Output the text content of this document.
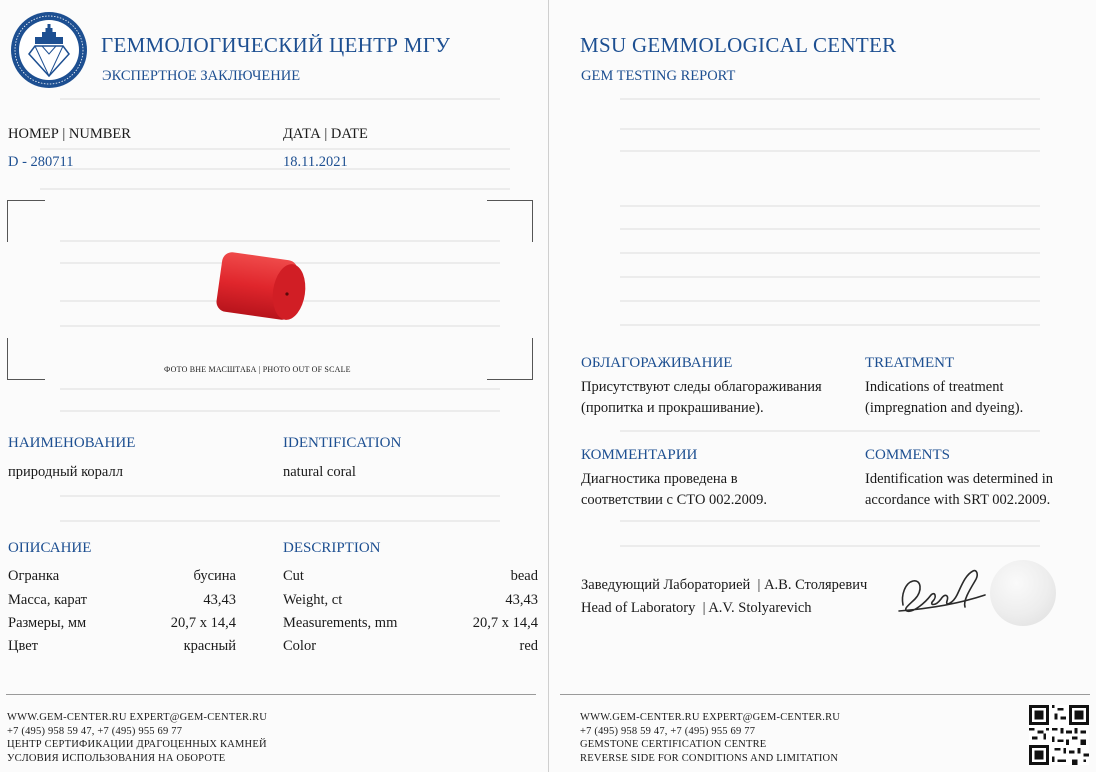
ГЕММОЛОГИЧЕСКИЙ ЦЕНТР МГУ
ЭКСПЕРТНОЕ ЗАКЛЮЧЕНИЕ
НОМЕР | NUMBER
D - 280711
ДАТА | DATE
18.11.2021
ФОТО ВНЕ МАСШТАБА | PHOTO OUT OF SCALE
НАИМЕНОВАНИЕ
природный коралл
IDENTIFICATION
natural coral
ОПИСАНИЕ	DESCRIPTION
Огранка	бусина
Масса, карат	43,43
Размеры, мм	20,7 x 14,4
Цвет	красный
Cut	bead
Weight, ct	43,43
Measurements, mm	20,7 x 14,4
Color	red
WWW.GEM-CENTER.RU EXPERT@GEM-CENTER.RU
+7 (495) 958 59 47, +7 (495) 955 69 77
ЦЕНТР СЕРТИФИКАЦИИ ДРАГОЦЕННЫХ КАМНЕЙ
УСЛОВИЯ ИСПОЛЬЗОВАНИЯ НА ОБОРОТЕ
MSU GEMMOLOGICAL CENTER
GEM TESTING REPORT
ОБЛАГОРАЖИВАНИЕ
Присутствуют следы облагораживания
(пропитка и прокрашивание).
TREATMENT
Indications of treatment
(impregnation and dyeing).
КОММЕНТАРИИ
Диагностика проведена в
соответствии с СТО 002.2009.
COMMENTS
Identification was determined in
accordance with SRT 002.2009.
Заведующий Лабораторией  | А.В. Столяревич
Head of Laboratory  | A.V. Stolyarevich
WWW.GEM-CENTER.RU EXPERT@GEM-CENTER.RU
+7 (495) 958 59 47, +7 (495) 955 69 77
GEMSTONE CERTIFICATION CENTRE
REVERSE SIDE FOR CONDITIONS AND LIMITATION
